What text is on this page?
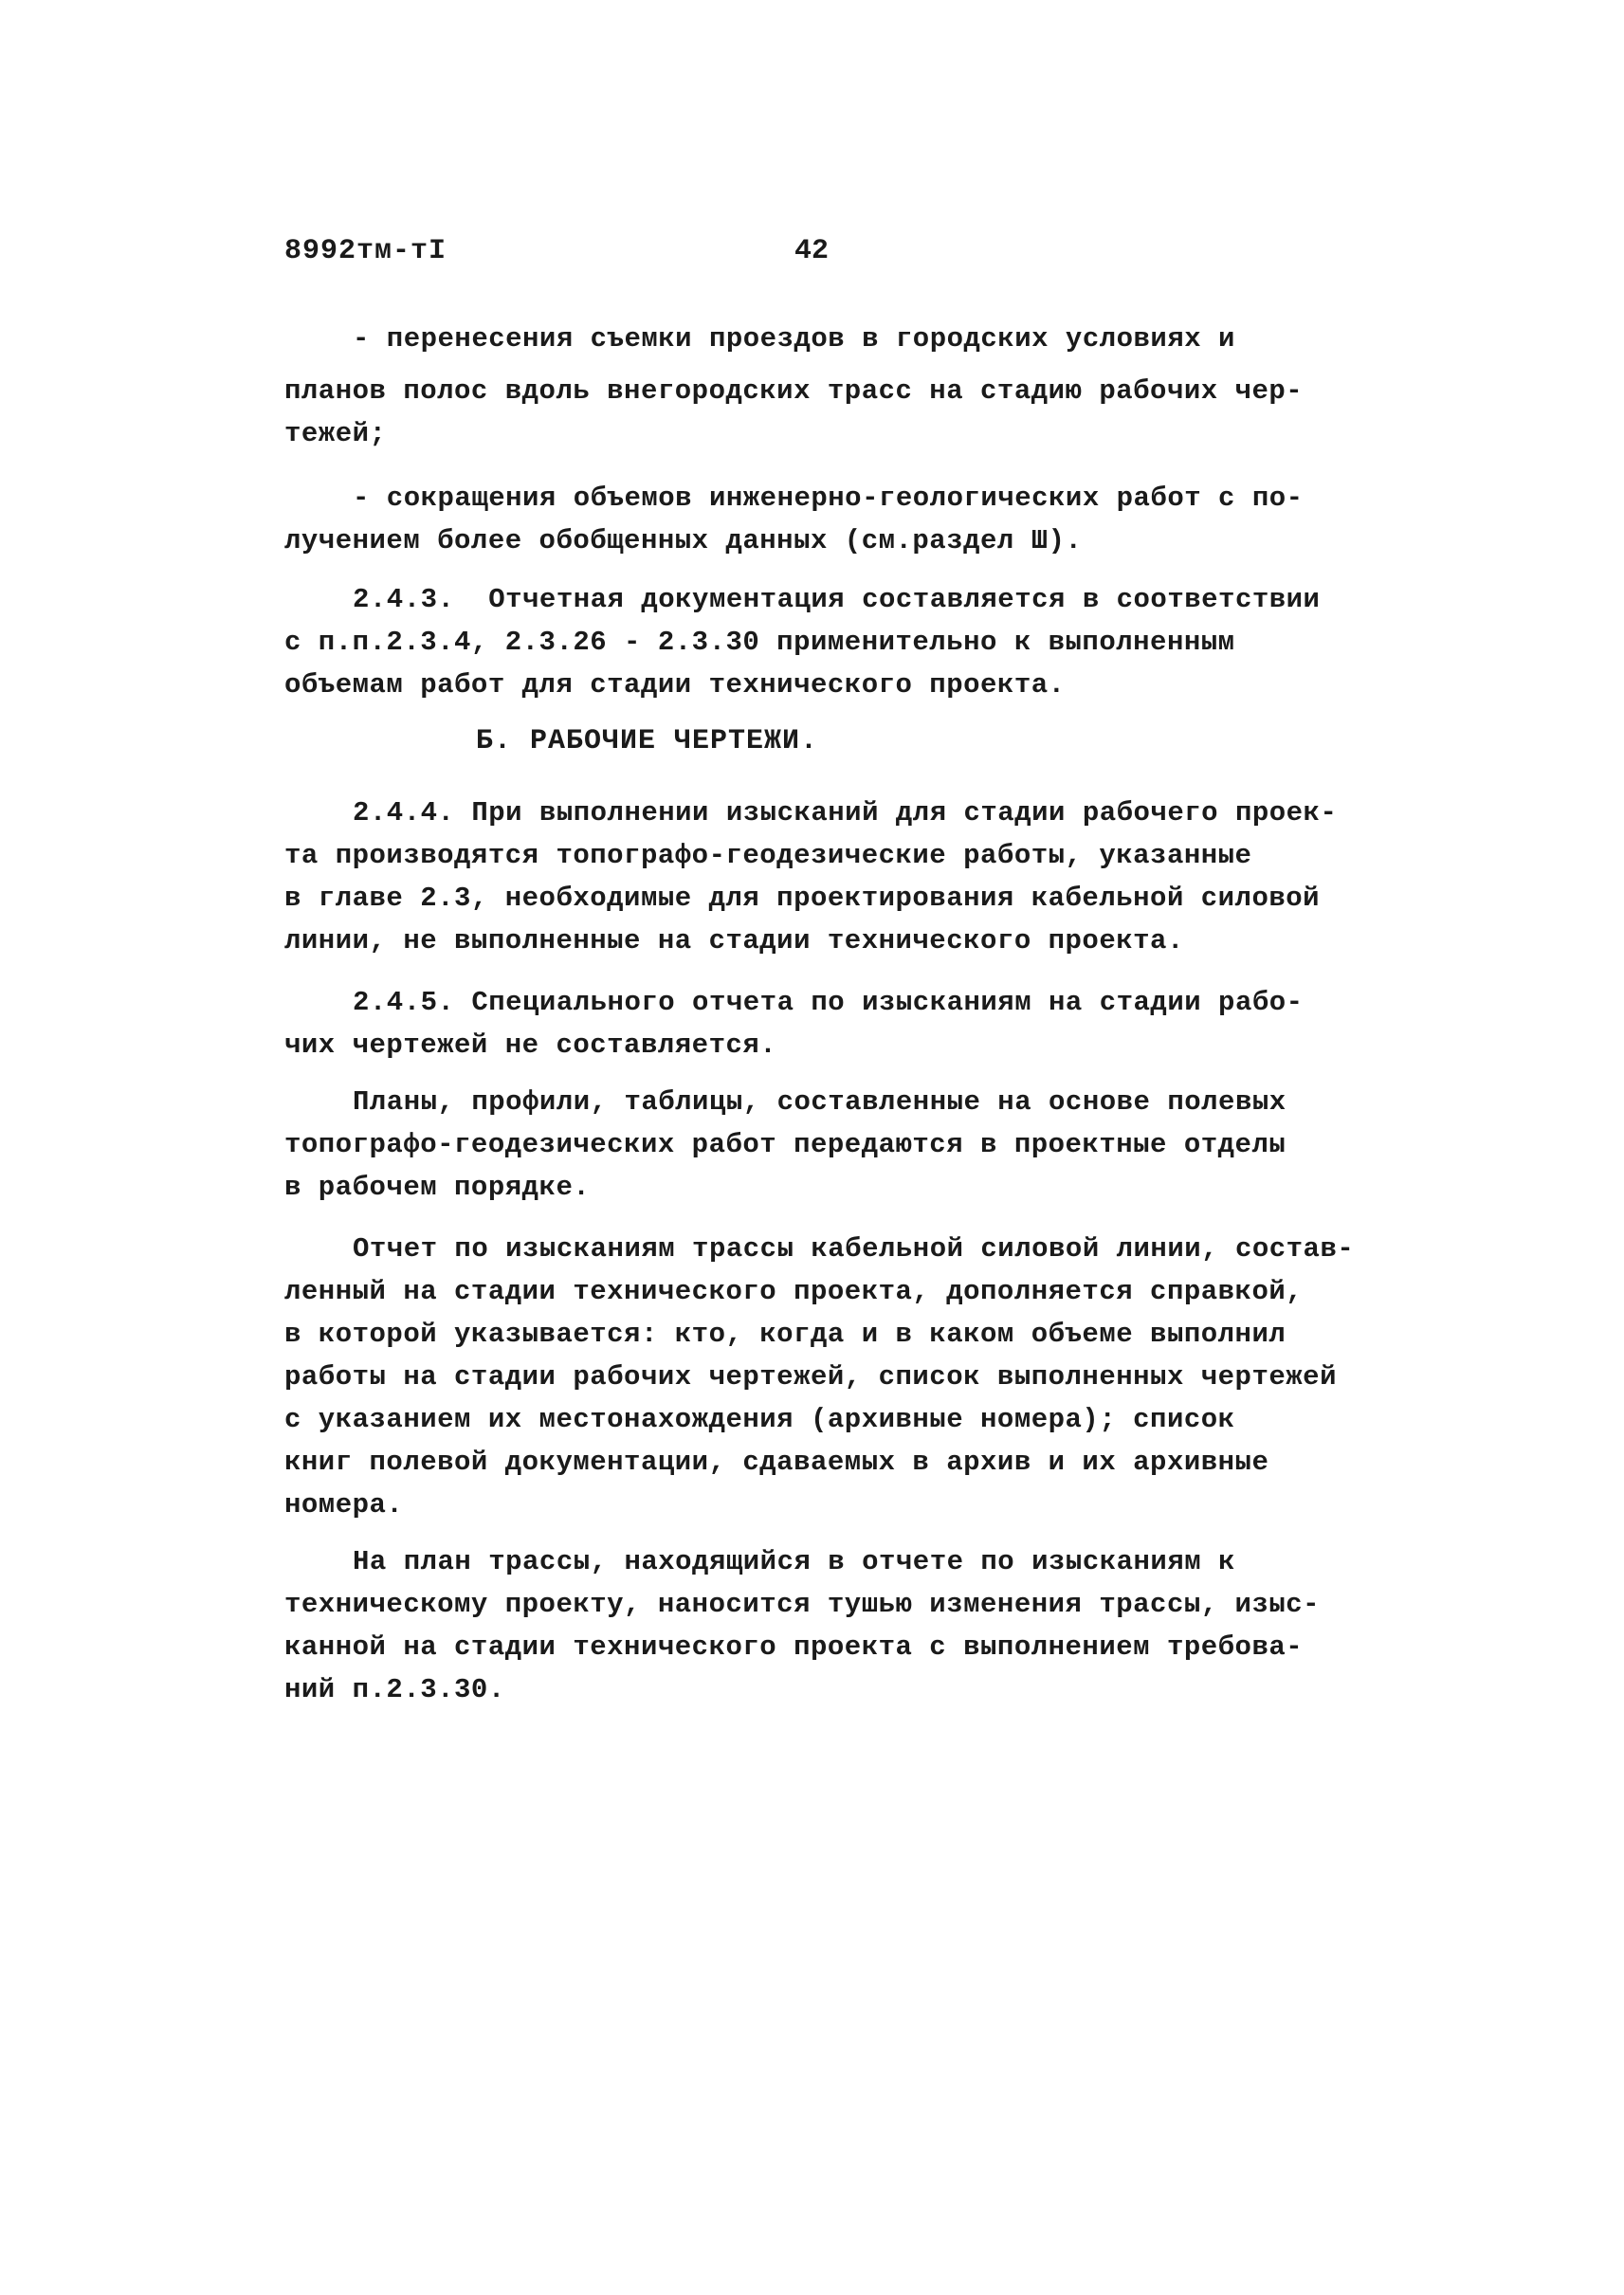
8992тм-тI	42
- перенесения съемки проездов в городских условиях и
планов полос вдоль внегородских трасс на стадию рабочих чер-
тежей;
- сокращения объемов инженерно-геологических работ с по-
лучением более обобщенных данных (см.раздел Ш).
2.4.3.  Отчетная документация составляется в соответствии
с п.п.2.3.4, 2.3.26 - 2.3.30 применительно к выполненным
объемам работ для стадии технического проекта.
Б. РАБОЧИЕ ЧЕРТЕЖИ.
2.4.4. При выполнении изысканий для стадии рабочего проек-
та производятся топографо-геодезические работы, указанные
в главе 2.3, необходимые для проектирования кабельной силовой
линии, не выполненные на стадии технического проекта.
2.4.5. Специального отчета по изысканиям на стадии рабо-
чих чертежей не составляется.
Планы, профили, таблицы, составленные на основе полевых
топографо-геодезических работ передаются в проектные отделы
в рабочем порядке.
Отчет по изысканиям трассы кабельной силовой линии, состав-
ленный на стадии технического проекта, дополняется справкой,
в которой указывается: кто, когда и в каком объеме выполнил
работы на стадии рабочих чертежей, список выполненных чертежей
с указанием их местонахождения (архивные номера); список
книг полевой документации, сдаваемых в архив и их архивные
номера.
На план трассы, находящийся в отчете по изысканиям к
техническому проекту, наносится тушью изменения трассы, изыс-
канной на стадии технического проекта с выполнением требова-
ний п.2.3.30.
